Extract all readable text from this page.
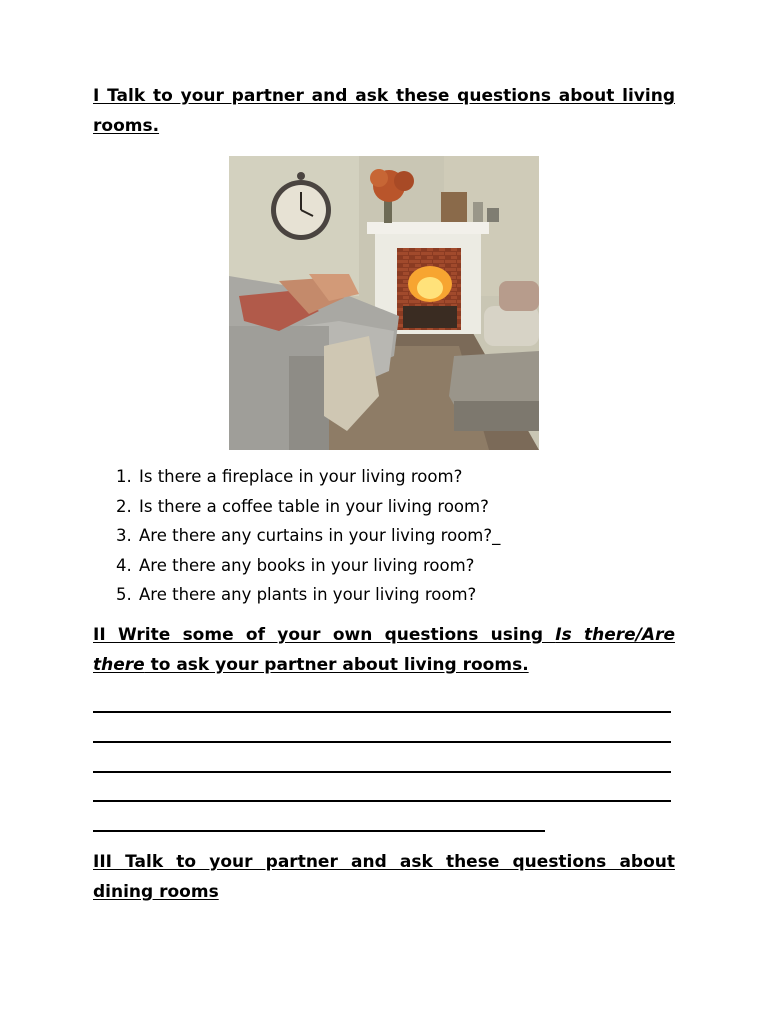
I Talk to your partner and ask these questions about living rooms.
1. Is there a fireplace in your living room?
2. Is there a coffee table in your living room?
3. Are there any curtains in your living room?_
4. Are there any books in your living room?
5. Are there any plants in your living room?
II Write some of your own questions using Is there/Are there to ask your partner about living rooms.
III Talk to your partner and ask these questions about dining rooms
